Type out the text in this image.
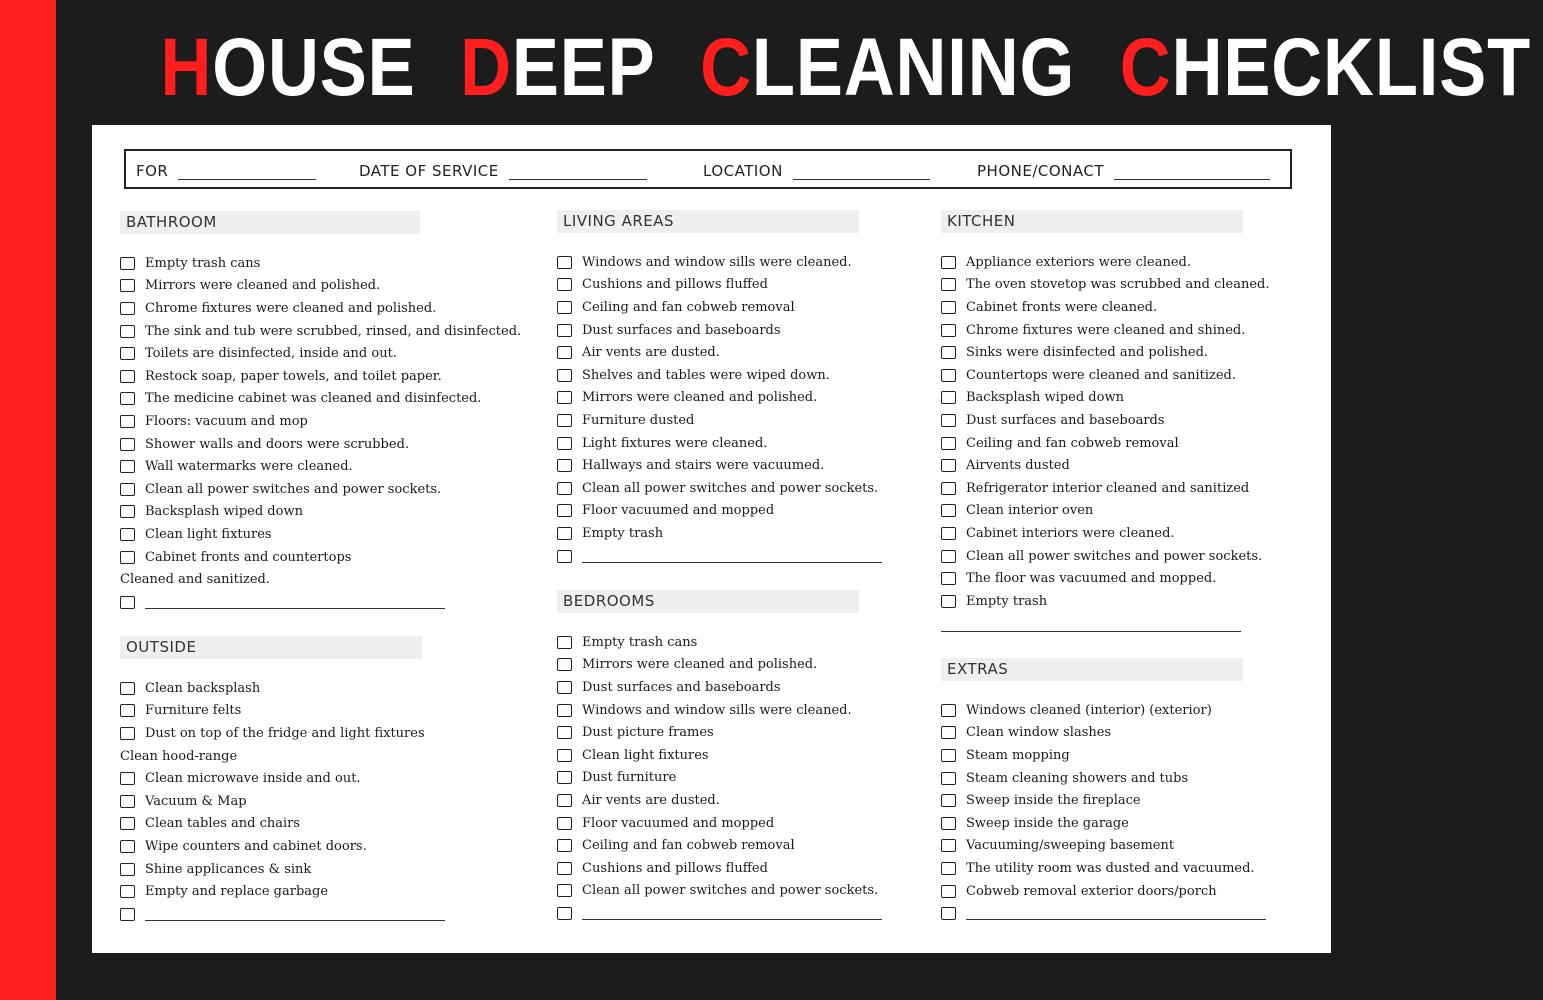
HOUSE DEEP CLEANING CHECKLIST
FOR	DATE OF SERVICE	LOCATION	PHONE/CONACT
BATHROOM
Empty trash cans
Mirrors were cleaned and polished.
Chrome fixtures were cleaned and polished.
The sink and tub were scrubbed, rinsed, and disinfected.
Toilets are disinfected, inside and out.
Restock soap, paper towels, and toilet paper.
The medicine cabinet was cleaned and disinfected.
Floors: vacuum and mop
Shower walls and doors were scrubbed.
Wall watermarks were cleaned.
Clean all power switches and power sockets.
Backsplash wiped down
Clean light fixtures
Cabinet fronts and countertops
Cleaned and sanitized.
OUTSIDE
Clean backsplash
Furniture felts
Dust on top of the fridge and light fixtures
Clean hood-range
Clean microwave inside and out.
Vacuum & Map
Clean tables and chairs
Wipe counters and cabinet doors.
Shine applicances & sink
Empty and replace garbage
LIVING AREAS
Windows and window sills were cleaned.
Cushions and pillows fluffed
Ceiling and fan cobweb removal
Dust surfaces and baseboards
Air vents are dusted.
Shelves and tables were wiped down.
Mirrors were cleaned and polished.
Furniture dusted
Light fixtures were cleaned.
Hallways and stairs were vacuumed.
Clean all power switches and power sockets.
Floor vacuumed and mopped
Empty trash
BEDROOMS
Empty trash cans
Mirrors were cleaned and polished.
Dust surfaces and baseboards
Windows and window sills were cleaned.
Dust picture frames
Clean light fixtures
Dust furniture
Air vents are dusted.
Floor vacuumed and mopped
Ceiling and fan cobweb removal
Cushions and pillows fluffed
Clean all power switches and power sockets.
KITCHEN
Appliance exteriors were cleaned.
The oven stovetop was scrubbed and cleaned.
Cabinet fronts were cleaned.
Chrome fixtures were cleaned and shined.
Sinks were disinfected and polished.
Countertops were cleaned and sanitized.
Backsplash wiped down
Dust surfaces and baseboards
Ceiling and fan cobweb removal
Airvents dusted
Refrigerator interior cleaned and sanitized
Clean interior oven
Cabinet interiors were cleaned.
Clean all power switches and power sockets.
The floor was vacuumed and mopped.
Empty trash
EXTRAS
Windows cleaned (interior) (exterior)
Clean window slashes
Steam mopping
Steam cleaning showers and tubs
Sweep inside the fireplace
Sweep inside the garage
Vacuuming/sweeping basement
The utility room was dusted and vacuumed.
Cobweb removal exterior doors/porch
